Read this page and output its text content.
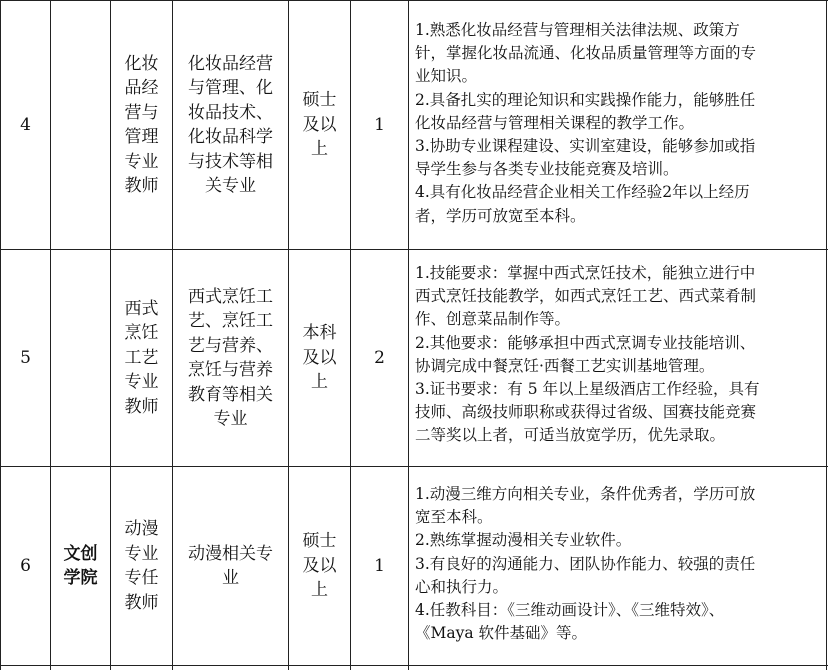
4
化妆
品经
营与
管理
专业
教师
化妆品经营
与管理、化
妆品技术、
化妆品科学
与技术等相
关专业
硕士
及以
上
1
1.熟悉化妆品经营与管理相关法律法规、政策方
针，掌握化妆品流通、化妆品质量管理等方面的专
业知识。
2.具备扎实的理论知识和实践操作能力，能够胜任
化妆品经营与管理相关课程的教学工作。
3.协助专业课程建设、实训室建设，能够参加或指
导学生参与各类专业技能竞赛及培训。
4.具有化妆品经营企业相关工作经验2年以上经历
者，学历可放宽至本科。
5
西式
烹饪
工艺
专业
教师
西式烹饪工
艺、烹饪工
艺与营养、
烹饪与营养
教育等相关
专业
本科
及以
上
2
1.技能要求：掌握中西式烹饪技术，能独立进行中
西式烹饪技能教学，如西式烹饪工艺、西式菜肴制
作、创意菜品制作等。
2.其他要求：能够承担中西式烹调专业技能培训、
协调完成中餐烹饪·西餐工艺实训基地管理。
3.证书要求：有 5 年以上星级酒店工作经验，具有
技师、高级技师职称或获得过省级、国赛技能竞赛
二等奖以上者，可适当放宽学历，优先录取。
6
文创
学院
动漫
专业
专任
教师
动漫相关专
业
硕士
及以
上
1
1.动漫三维方向相关专业，条件优秀者，学历可放
宽至本科。
2.熟练掌握动漫相关专业软件。
3.有良好的沟通能力、团队协作能力、较强的责任
心和执行力。
4.任教科目：《三维动画设计》、《三维特效》、
《Maya 软件基础》等。
